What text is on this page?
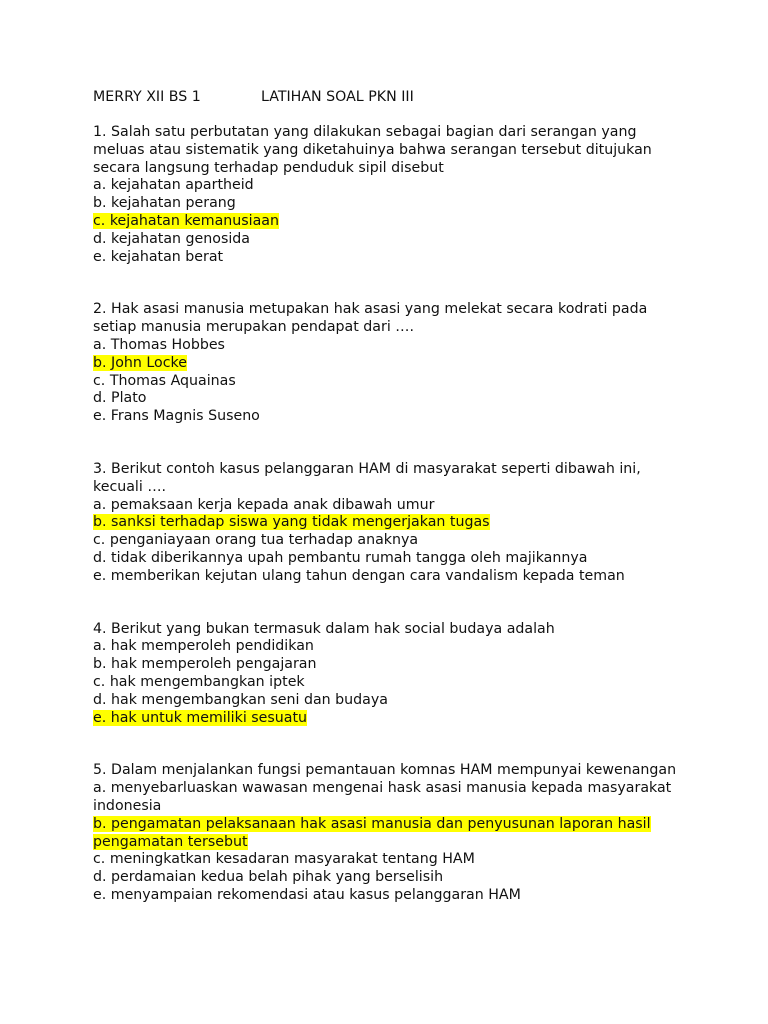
MERRY XII BS 1	LATIHAN SOAL PKN III
1. Salah satu perbutatan yang dilakukan sebagai bagian dari serangan yang meluas atau sistematik yang diketahuinya bahwa serangan tersebut ditujukan secara langsung terhadap penduduk sipil disebut
a. kejahatan apartheid
b. kejahatan perang
c. kejahatan kemanusiaan
d. kejahatan genosida
e. kejahatan berat
2. Hak asasi manusia metupakan hak asasi yang melekat secara kodrati pada setiap manusia merupakan pendapat dari ….
a. Thomas Hobbes
b. John Locke
c. Thomas Aquainas
d. Plato
e. Frans Magnis Suseno
3. Berikut contoh kasus pelanggaran HAM di masyarakat seperti dibawah ini, kecuali ….
a. pemaksaan kerja kepada anak dibawah umur
b. sanksi terhadap siswa yang tidak mengerjakan tugas
c. penganiayaan orang tua terhadap anaknya
d. tidak diberikannya upah pembantu rumah tangga oleh majikannya
e. memberikan kejutan ulang tahun dengan cara vandalism kepada teman
4. Berikut yang bukan termasuk dalam hak social budaya adalah
a. hak memperoleh pendidikan
b. hak memperoleh pengajaran
c. hak mengembangkan iptek
d. hak mengembangkan seni dan budaya
e. hak untuk memiliki sesuatu
5. Dalam menjalankan fungsi pemantauan komnas HAM mempunyai kewenangan
a. menyebarluaskan wawasan mengenai hask asasi manusia kepada masyarakat indonesia
b. pengamatan pelaksanaan hak asasi manusia dan penyusunan laporan hasil pengamatan tersebut
c. meningkatkan kesadaran masyarakat tentang HAM
d. perdamaian kedua belah pihak yang berselisih
e. menyampaian rekomendasi atau kasus pelanggaran HAM
